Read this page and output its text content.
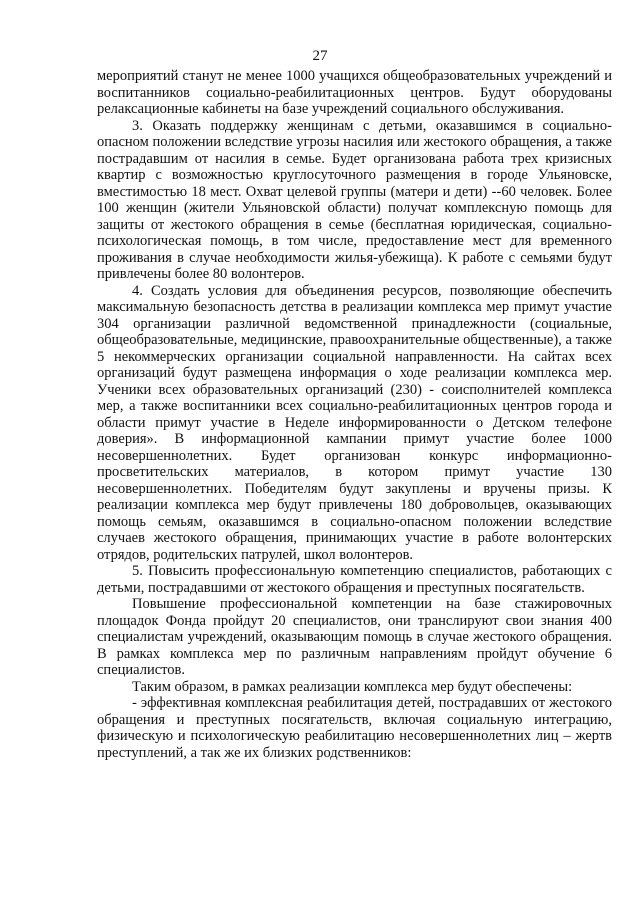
27

мероприятий станут не менее 1000 учащихся общеобразовательных учреждений и воспитанников социально-реабилитационных центров. Будут оборудованы релаксационные кабинеты на базе учреждений социального обслуживания.

3. Оказать поддержку женщинам с детьми, оказавшимся в социально-опасном положении вследствие угрозы насилия или жестокого обращения, а также пострадавшим от насилия в семье. Будет организована работа трех кризисных квартир с возможностью круглосуточного размещения в городе Ульяновске, вместимостью 18 мест. Охват целевой группы (матери и дети) --60 человек. Более 100 женщин (жители Ульяновской области) получат комплексную помощь для защиты от жестокого обращения в семье (бесплатная юридическая, социально-психологическая помощь, в том числе, предоставление мест для временного проживания в случае необходимости жилья-убежища). К работе с семьями будут привлечены более 80 волонтеров.

4. Создать условия для объединения ресурсов, позволяющие обеспечить максимальную безопасность детства в реализации комплекса мер примут участие 304 организации различной ведомственной принадлежности (социальные, общеобразовательные, медицинские, правоохранительные общественные), а также 5 некоммерческих организации социальной направленности. На сайтах всех организаций будут размещена информация о ходе реализации комплекса мер. Ученики всех образовательных организаций (230) - соисполнителей комплекса мер, а также воспитанники всех социально-реабилитационных центров города и области примут участие в Неделе информированности о Детском телефоне доверия». В информационной кампании примут участие более 1000 несовершеннолетних. Будет организован конкурс информационно-просветительских материалов, в котором примут участие 130 несовершеннолетних. Победителям будут закуплены и вручены призы. К реализации комплекса мер будут привлечены 180 добровольцев, оказывающих помощь семьям, оказавшимся в социально-опасном положении вследствие случаев жестокого обращения, принимающих участие в работе волонтерских отрядов, родительских патрулей, школ волонтеров.

5. Повысить профессиональную компетенцию специалистов, работающих с детьми, пострадавшими от жестокого обращения и преступных посягательств.

Повышение профессиональной компетенции на базе стажировочных площадок Фонда пройдут 20 специалистов, они транслируют свои знания 400 специалистам учреждений, оказывающим помощь в случае жестокого обращения. В рамках комплекса мер по различным направлениям пройдут обучение 6 специалистов.

Таким образом, в рамках реализации комплекса мер будут обеспечены:

- эффективная комплексная реабилитация детей, пострадавших от жестокого обращения и преступных посягательств, включая социальную интеграцию, физическую и психологическую реабилитацию несовершеннолетних лиц – жертв преступлений, а так же их близких родственников:
